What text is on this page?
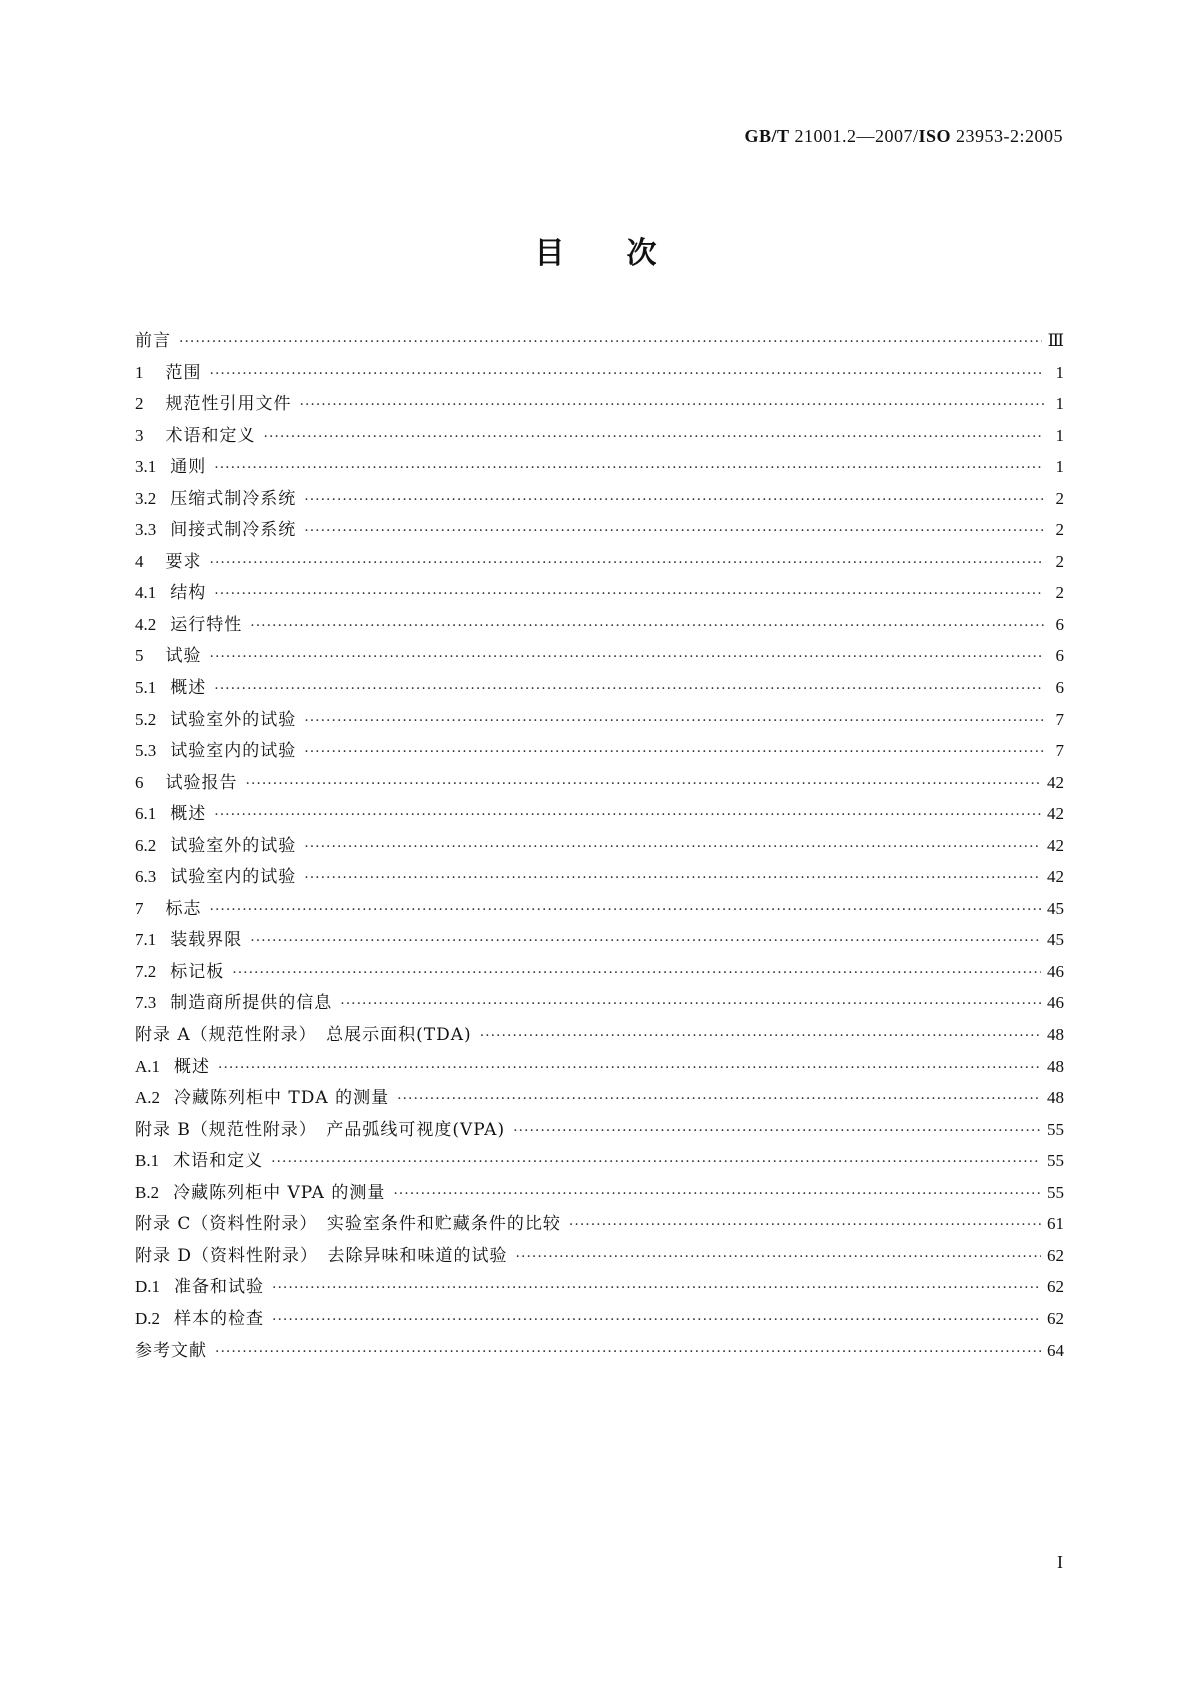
GB/T 21001.2—2007/ISO 23953-2:2005
目 次
前言 ·····	Ⅲ
1 范围 ·····	1
2 规范性引用文件 ·····	1
3 术语和定义 ·····	1
3.1 通则 ·····	1
3.2 压缩式制冷系统 ·····	2
3.3 间接式制冷系统 ·····	2
4 要求 ·····	2
4.1 结构 ·····	2
4.2 运行特性 ·····	6
5 试验 ·····	6
5.1 概述 ·····	6
5.2 试验室外的试验 ·····	7
5.3 试验室内的试验 ·····	7
6 试验报告 ·····	42
6.1 概述 ·····	42
6.2 试验室外的试验 ·····	42
6.3 试验室内的试验 ·····	42
7 标志 ·····	45
7.1 装载界限 ·····	45
7.2 标记板 ·····	46
7.3 制造商所提供的信息 ·····	46
附录 A（规范性附录）　总展示面积(TDA) ·····	48
A.1 概述 ·····	48
A.2 冷藏陈列柜中 TDA 的测量 ·····	48
附录 B（规范性附录）　产品弧线可视度(VPA) ·····	55
B.1 术语和定义 ·····	55
B.2 冷藏陈列柜中 VPA 的测量 ·····	55
附录 C（资料性附录）　实验室条件和贮藏条件的比较 ·····	61
附录 D（资料性附录）　去除异味和味道的试验 ·····	62
D.1 准备和试验 ·····	62
D.2 样本的检查 ·····	62
参考文献 ·····	64
I
